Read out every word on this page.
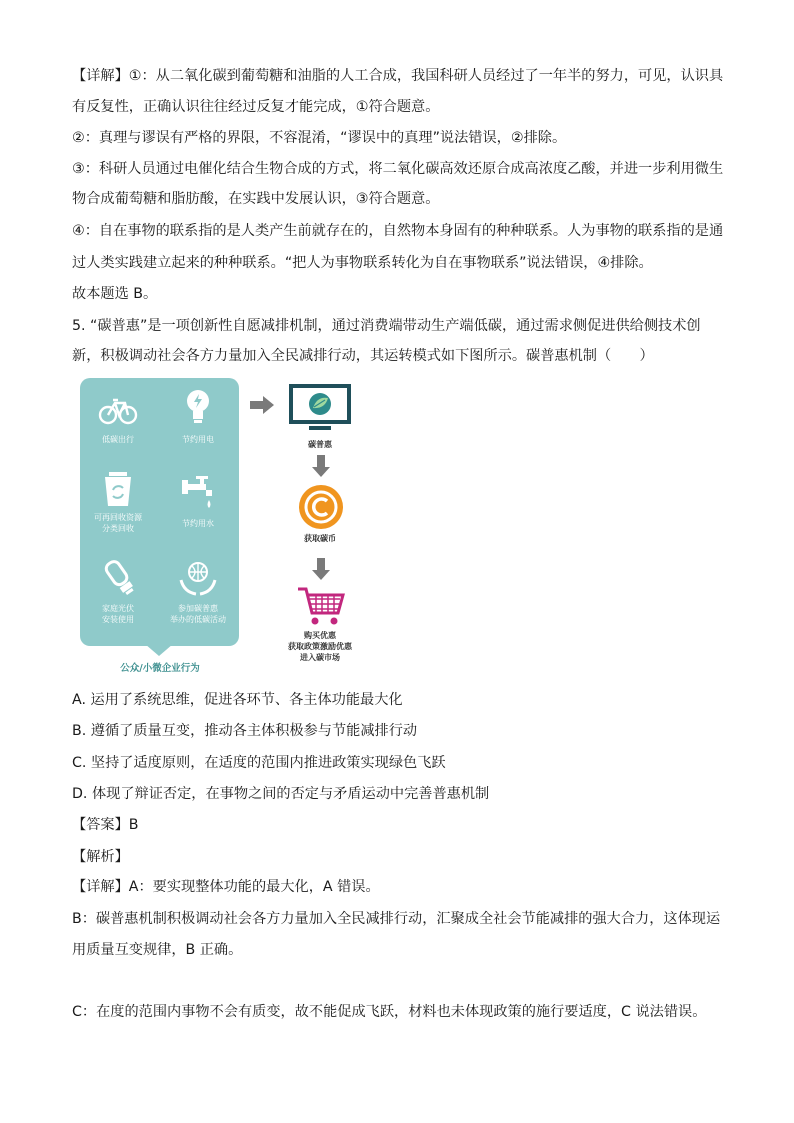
【详解】①：从二氧化碳到葡萄糖和油脂的人工合成，我国科研人员经过了一年半的努力，可见，认识具
有反复性，正确认识往往经过反复才能完成，①符合题意。
②：真理与谬误有严格的界限，不容混淆，“谬误中的真理”说法错误，②排除。
③：科研人员通过电催化结合生物合成的方式，将二氧化碳高效还原合成高浓度乙酸，并进一步利用微生
物合成葡萄糖和脂肪酸，在实践中发展认识，③符合题意。
④：自在事物的联系指的是人类产生前就存在的，自然物本身固有的种种联系。人为事物的联系指的是通
过人类实践建立起来的种种联系。“把人为事物联系转化为自在事物联系”说法错误，④排除。
故本题选 B。
5. “碳普惠”是一项创新性自愿减排机制，通过消费端带动生产端低碳，通过需求侧促进供给侧技术创
新，积极调动社会各方力量加入全民减排行动，其运转模式如下图所示。碳普惠机制（　　）
低碳出行	节约用电
可再回收资源
分类回收
节约用水
家庭光伏
安装使用
参加碳普惠
举办的低碳活动
公众/小微企业行为
碳普惠
获取碳币
购买优惠
获取政策激励优惠
进入碳市场
A. 运用了系统思维，促进各环节、各主体功能最大化
B. 遵循了质量互变，推动各主体积极参与节能减排行动
C. 坚持了适度原则，在适度的范围内推进政策实现绿色飞跃
D. 体现了辩证否定，在事物之间的否定与矛盾运动中完善普惠机制
【答案】B
【解析】
【详解】A：要实现整体功能的最大化，A 错误。
B：碳普惠机制积极调动社会各方力量加入全民减排行动，汇聚成全社会节能减排的强大合力，这体现运
用质量互变规律，B 正确。
C：在度的范围内事物不会有质变，故不能促成飞跃，材料也未体现政策的施行要适度，C 说法错误。
